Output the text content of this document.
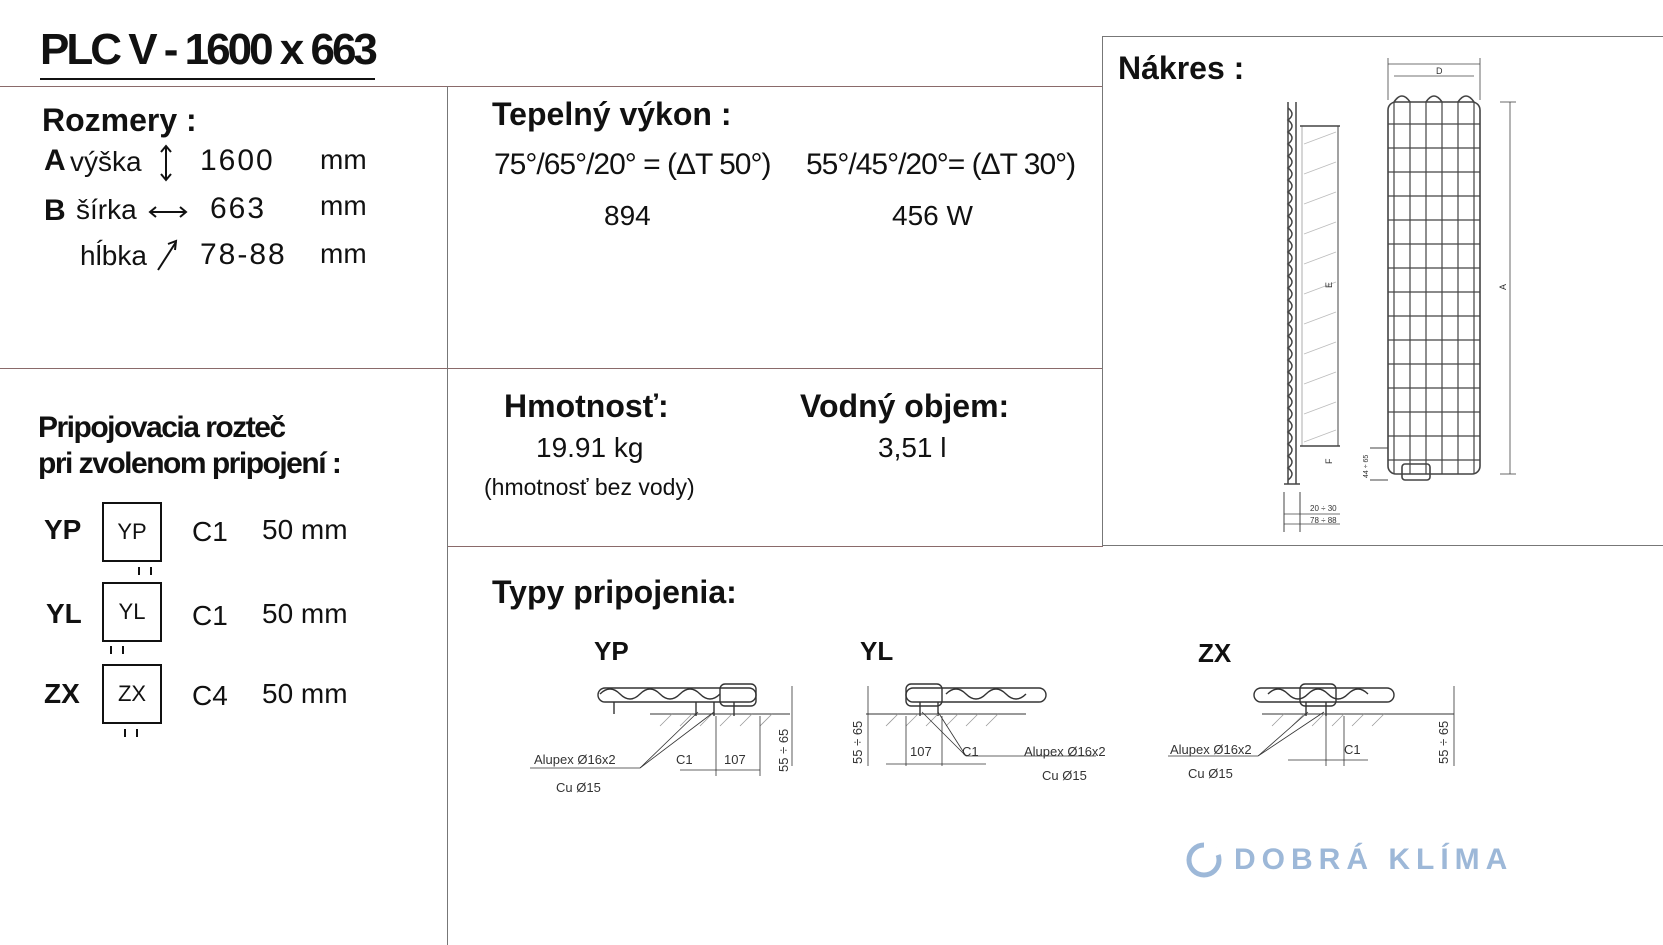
PLC V - 1600 x 663
Rozmery :
A výška 1600 mm
B šírka 663 mm
hĺbka 78-88 mm
Tepelný výkon :
75°/65°/20° = (ΔT 50°) 55°/45°/20°= (ΔT 30°)
894	456 W
Nákres :
E
F
20 ÷ 30
78 ÷ 88
D
A
44 ÷ 65
Pripojovacia rozteč
pri zvolenom pripojení :
YP	YP	C1 50 mm
YL	YL	C1 50 mm
ZX	ZX	C4 50 mm
Hmotnosť:
19.91 kg
(hmotnosť bez vody)
Vodný objem:
3,51 l
Typy pripojenia:
YP	YL	ZX
Alupex Ø16x2
Cu Ø15
C1 107 55 ÷ 65	55 ÷ 65	107 C1	Alupex Ø16x2
Cu Ø15
Alupex Ø16x2
Cu Ø15
C1	55 ÷ 65
DOBRÁ KLÍMA
